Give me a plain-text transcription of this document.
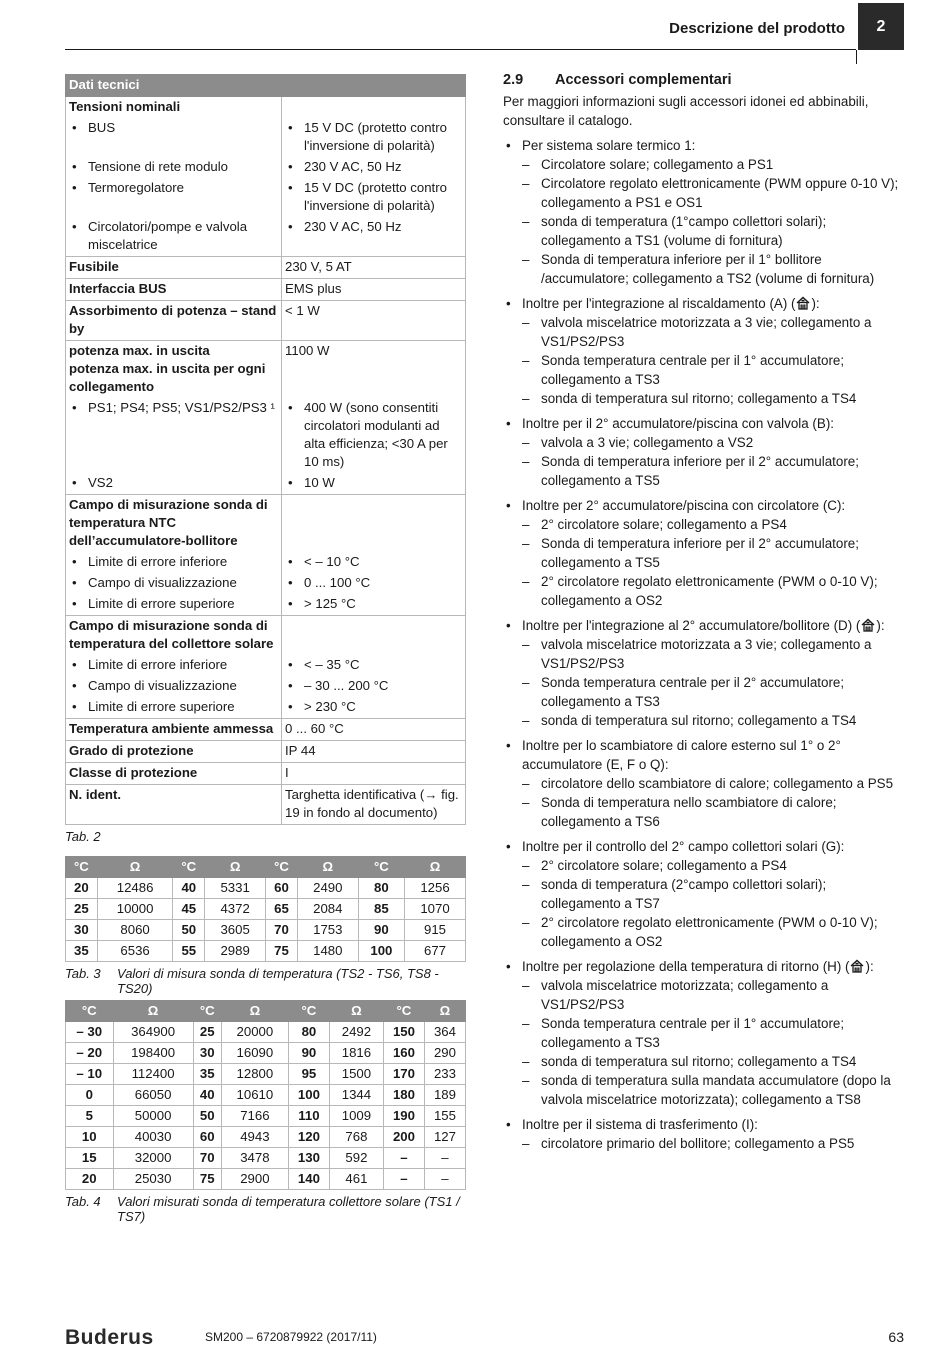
Descrizione del prodotto	2
Dati tecnici	

Tensioni nominali	

• BUS	• 15 V DC (protetto contro l'inversione di polarità)

• Tensione di rete modulo	• 230 V AC, 50 Hz

• Termoregolatore	• 15 V DC (protetto contro l'inversione di polarità)

• Circolatori/pompe e valvola miscelatrice	• 230 V AC, 50 Hz

Fusibile	230 V, 5 AT

Interfaccia BUS	EMS plus

Assorbimento di potenza – stand by	< 1 W

potenza max. in uscita
potenza max. in uscita per ogni collegamento	1100 W

• PS1; PS4; PS5; VS1/PS2/PS3 ¹	• 400 W (sono consentiti circolatori modulanti ad alta efficienza; <30 A per 10 ms)

• VS2	• 10 W

Campo di misurazione sonda di temperatura NTC dell’accumulatore-bollitore	

• Limite di errore inferiore	• < – 10 °C

• Campo di visualizzazione	• 0 ... 100 °C

• Limite di errore superiore	• > 125 °C

Campo di misurazione sonda di temperatura del collettore solare	

• Limite di errore inferiore	• < – 35 °C

• Campo di visualizzazione	• – 30 ... 200 °C

• Limite di errore superiore	• > 230 °C

Temperatura ambiente ammessa	0 ... 60 °C

Grado di protezione	IP 44

Classe di protezione	I

N. ident.	Targhetta identificativa (→ fig. 19 in fondo al documento)
Tab. 2
°C	Ω	°C	Ω	°C	Ω	°C	Ω
20	12486	40	5331	60	2490	80	1256
25	10000	45	4372	65	2084	85	1070
30	8060	50	3605	70	1753	90	915
35	6536	55	2989	75	1480	100	677
Tab. 3 Valori di misura sonda di temperatura (TS2 - TS6, TS8 - TS20)
°C	Ω	°C	Ω	°C	Ω	°C	Ω
– 30	364900	25	20000	80	2492	150	364
– 20	198400	30	16090	90	1816	160	290
– 10	112400	35	12800	95	1500	170	233
0	66050	40	10610	100	1344	180	189
5	50000	50	7166	110	1009	190	155
10	40030	60	4943	120	768	200	127
15	32000	70	3478	130	592	–	–
20	25030	75	2900	140	461	–	–
Tab. 4 Valori misurati sonda di temperatura collettore solare (TS1 / TS7)
2.9 Accessori complementari
Per maggiori informazioni sugli accessori idonei ed abbinabili, consultare il catalogo.
• Per sistema solare termico 1:
– Circolatore solare; collegamento a PS1
– Circolatore regolato elettronicamente (PWM oppure 0-10 V); collegamento a PS1 e OS1
– sonda di temperatura (1°campo collettori solari); collegamento a TS1 (volume di fornitura)
– Sonda di temperatura inferiore per il 1° bollitore /accumulatore; collegamento a TS2 (volume di fornitura)
• Inoltre per l'integrazione al riscaldamento (A) ( ):
– valvola miscelatrice motorizzata a 3 vie; collegamento a VS1/PS2/PS3
– Sonda temperatura centrale per il 1° accumulatore; collegamento a TS3
– sonda di temperatura sul ritorno; collegamento a TS4
• Inoltre per il 2° accumulatore/piscina con valvola (B):
– valvola a 3 vie; collegamento a VS2
– Sonda di temperatura inferiore per il 2° accumulatore; collegamento a TS5
• Inoltre per 2° accumulatore/piscina con circolatore (C):
– 2° circolatore solare; collegamento a PS4
– Sonda di temperatura inferiore per il 2° accumulatore; collegamento a TS5
– 2° circolatore regolato elettronicamente (PWM o 0-10 V); collegamento a OS2
• Inoltre per l'integrazione al 2° accumulatore/bollitore (D) ( ):
– valvola miscelatrice motorizzata a 3 vie; collegamento a VS1/PS2/PS3
– Sonda temperatura centrale per il 2° accumulatore; collegamento a TS3
– sonda di temperatura sul ritorno; collegamento a TS4
• Inoltre per lo scambiatore di calore esterno sul 1° o 2° accumulatore (E, F o Q):
– circolatore dello scambiatore di calore; collegamento a PS5
– Sonda di temperatura nello scambiatore di calore; collegamento a TS6
• Inoltre per il controllo del 2° campo collettori solari (G):
– 2° circolatore solare; collegamento a PS4
– sonda di temperatura (2°campo collettori solari); collegamento a TS7
– 2° circolatore regolato elettronicamente (PWM o 0-10 V); collegamento a OS2
• Inoltre per regolazione della temperatura di ritorno (H) ( ):
– valvola miscelatrice motorizzata; collegamento a VS1/PS2/PS3
– Sonda temperatura centrale per il 1° accumulatore; collegamento a TS3
– sonda di temperatura sul ritorno; collegamento a TS4
– sonda di temperatura sulla mandata accumulatore (dopo la valvola miscelatrice motorizzata); collegamento a TS8
• Inoltre per il sistema di trasferimento (I):
– circolatore primario del bollitore; collegamento a PS5
Buderus	SM200 – 6720879922 (2017/11)	63
